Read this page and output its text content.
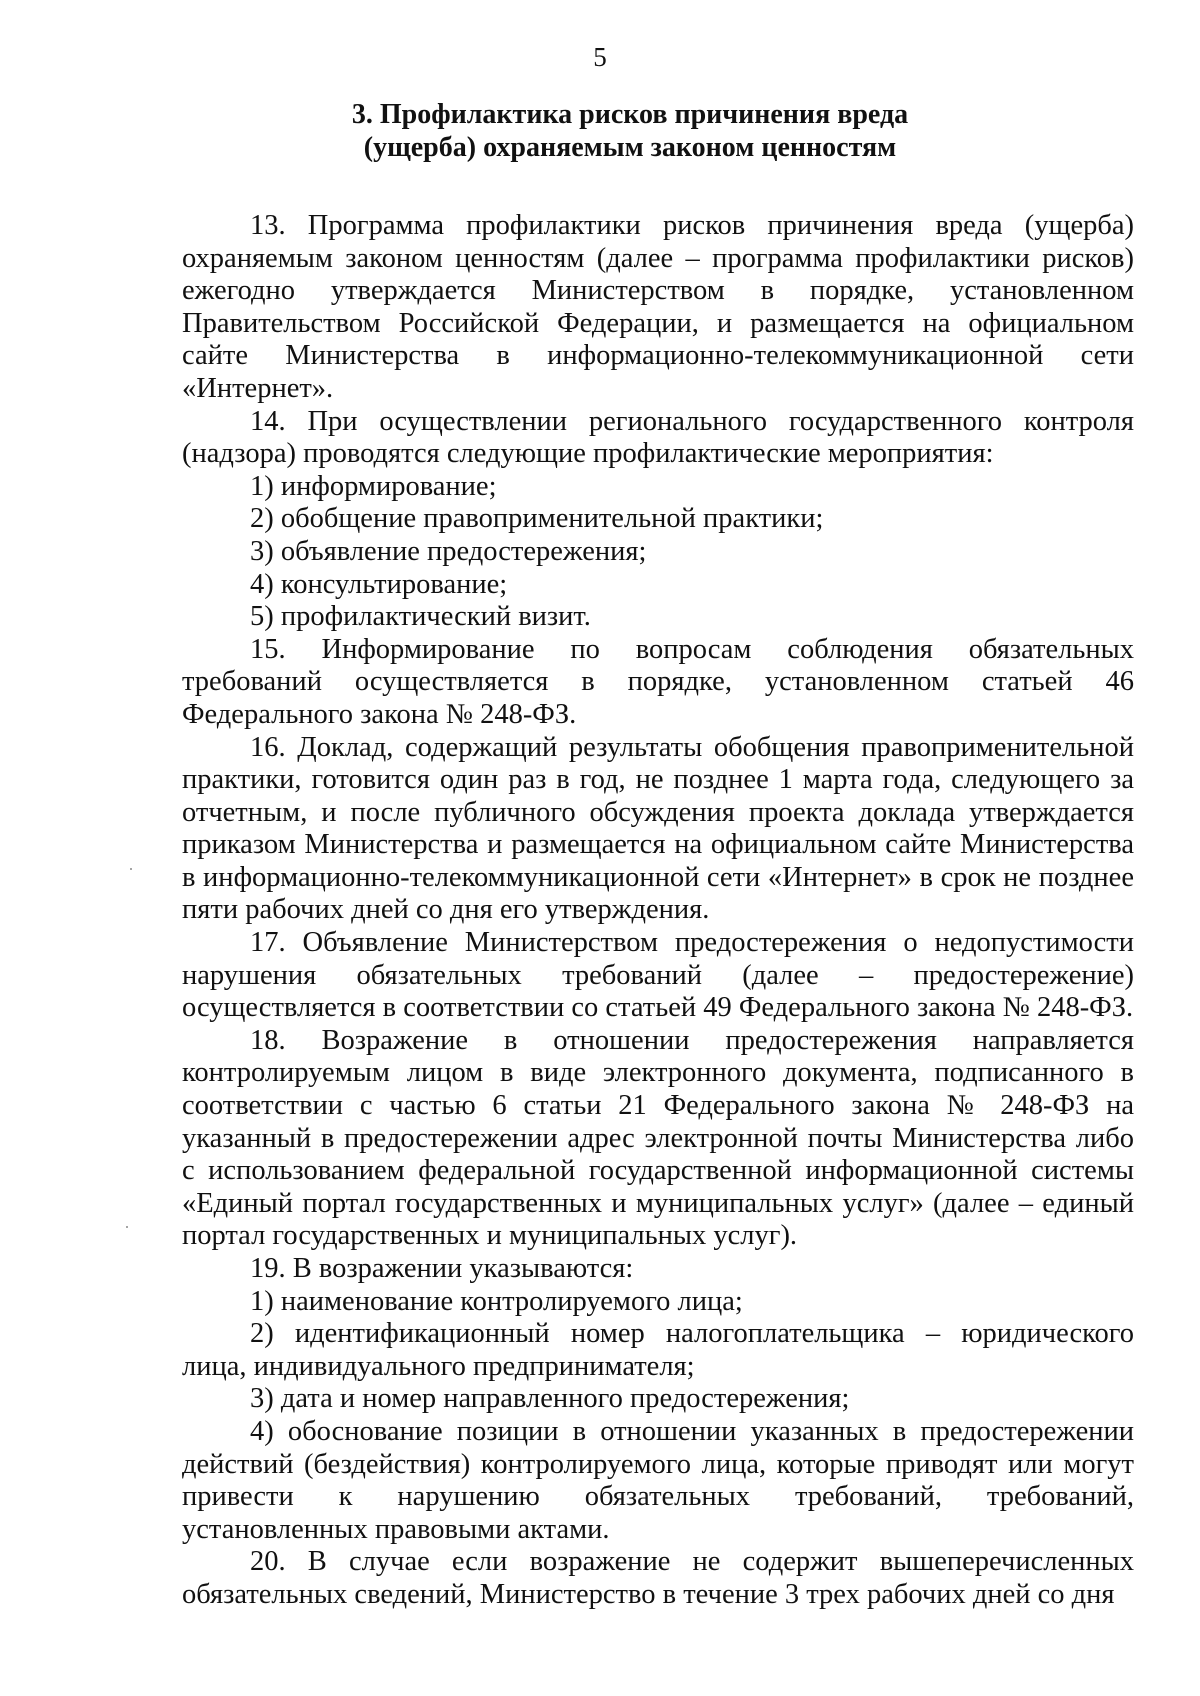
5
3. Профилактика рисков причинения вреда
(ущерба) охраняемым законом ценностям

13. Программа профилактики рисков причинения вреда (ущерба) охраняемым законом ценностям (далее – программа профилактики рисков) ежегодно утверждается Министерством в порядке, установленном Правительством Российской Федерации, и размещается на официальном сайте Министерства в информационно-телекоммуникационной сети «Интернет».

14. При осуществлении регионального государственного контроля (надзора) проводятся следующие профилактические мероприятия:

1) информирование;

2) обобщение правоприменительной практики;

3) объявление предостережения;

4) консультирование;

5) профилактический визит.

15. Информирование по вопросам соблюдения обязательных требований осуществляется в порядке, установленном статьей 46 Федерального закона № 248-ФЗ.

16. Доклад, содержащий результаты обобщения правоприменительной практики, готовится один раз в год, не позднее 1 марта года, следующего за отчетным, и после публичного обсуждения проекта доклада утверждается приказом Министерства и размещается на официальном сайте Министерства в информационно-телекоммуникационной сети «Интернет» в срок не позднее пяти рабочих дней со дня его утверждения.

17. Объявление Министерством предостережения о недопустимости нарушения обязательных требований (далее – предостережение) осуществляется в соответствии со статьей 49 Федерального закона № 248-ФЗ.

18. Возражение в отношении предостережения направляется контролируемым лицом в виде электронного документа, подписанного в соответствии с частью 6 статьи 21 Федерального закона № 248-ФЗ на указанный в предостережении адрес электронной почты Министерства либо с использованием федеральной государственной информационной системы «Единый портал государственных и муниципальных услуг» (далее – единый портал государственных и муниципальных услуг).

19. В возражении указываются:

1) наименование контролируемого лица;

2) идентификационный номер налогоплательщика – юридического лица, индивидуального предпринимателя;

3) дата и номер направленного предостережения;

4) обоснование позиции в отношении указанных в предостережении действий (бездействия) контролируемого лица, которые приводят или могут привести к нарушению обязательных требований, требований, установленных правовыми актами.

20. В случае если возражение не содержит вышеперечисленных обязательных сведений, Министерство в течение 3 трех рабочих дней со дня
